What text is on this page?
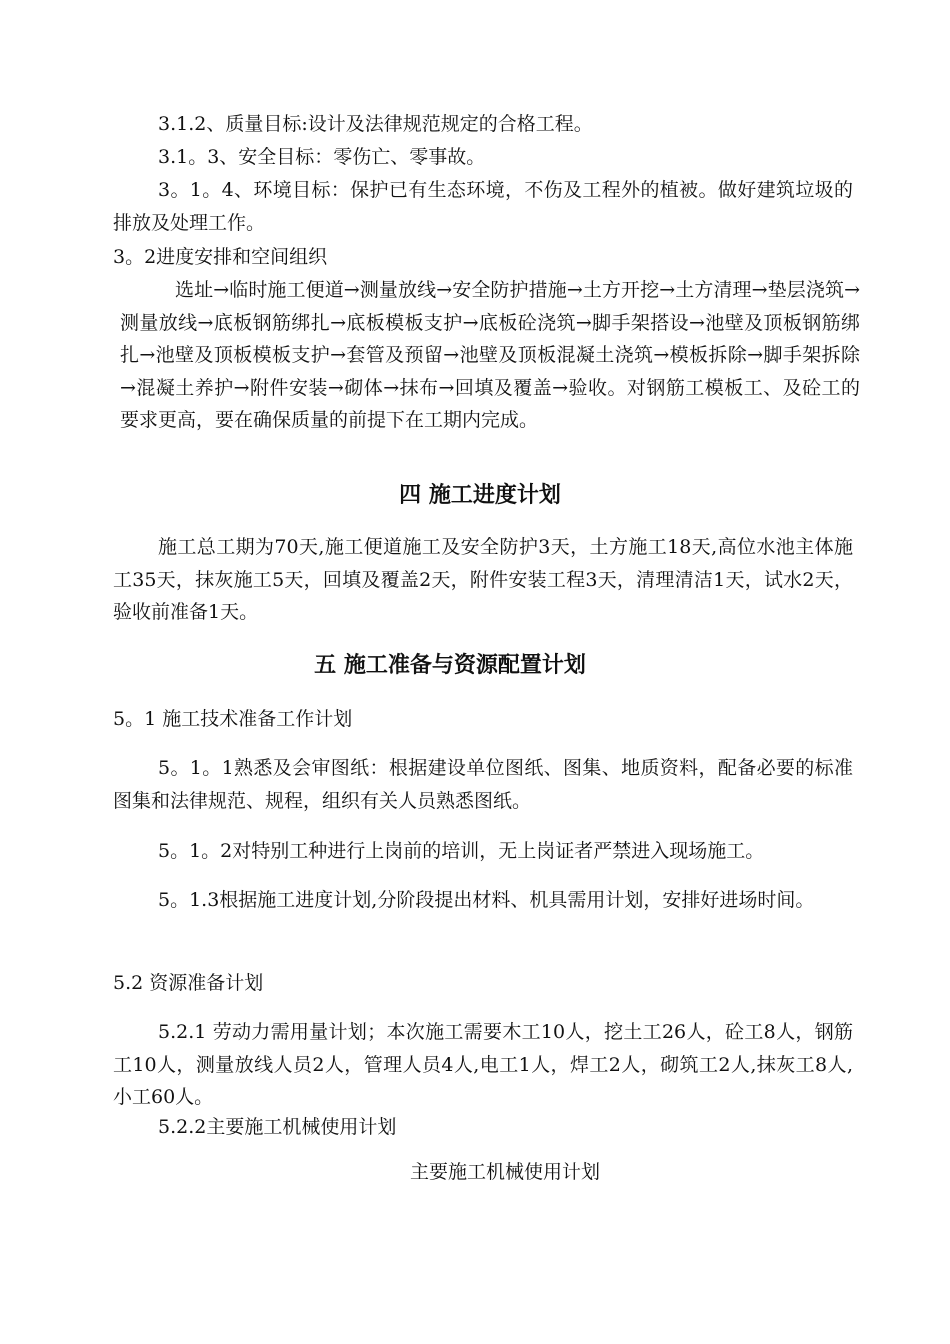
3.1.2、质量目标:设计及法律规范规定的合格工程。

3.1。3、安全目标：零伤亡、零事故。

3。1。4、环境目标：保护已有生态环境，不伤及工程外的植被。做好建筑垃圾的排放及处理工作。

3。2进度安排和空间组织

选址→临时施工便道→测量放线→安全防护措施→土方开挖→土方清理→垫层浇筑→测量放线→底板钢筋绑扎→底板模板支护→底板砼浇筑→脚手架搭设→池壁及顶板钢筋绑扎→池壁及顶板模板支护→套管及预留→池壁及顶板混凝土浇筑→模板拆除→脚手架拆除→混凝土养护→附件安装→砌体→抹布→回填及覆盖→验收。对钢筋工模板工、及砼工的要求更高，要在确保质量的前提下在工期内完成。

四 施工进度计划

施工总工期为70天,施工便道施工及安全防护3天，土方施工18天,高位水池主体施工35天，抹灰施工5天，回填及覆盖2天，附件安装工程3天，清理清洁1天，试水2天，验收前准备1天。

五 施工准备与资源配置计划

5。1 施工技术准备工作计划

5。1。1熟悉及会审图纸：根据建设单位图纸、图集、地质资料，配备必要的标准图集和法律规范、规程，组织有关人员熟悉图纸。

5。1。2对特别工种进行上岗前的培训，无上岗证者严禁进入现场施工。

5。1.3根据施工进度计划,分阶段提出材料、机具需用计划，安排好进场时间。

5.2 资源准备计划

5.2.1 劳动力需用量计划；本次施工需要木工10人，挖土工26人，砼工8人，钢筋工10人，测量放线人员2人，管理人员4人,电工1人，焊工2人，砌筑工2人,抹灰工8人,小工60人。

5.2.2主要施工机械使用计划

主要施工机械使用计划
